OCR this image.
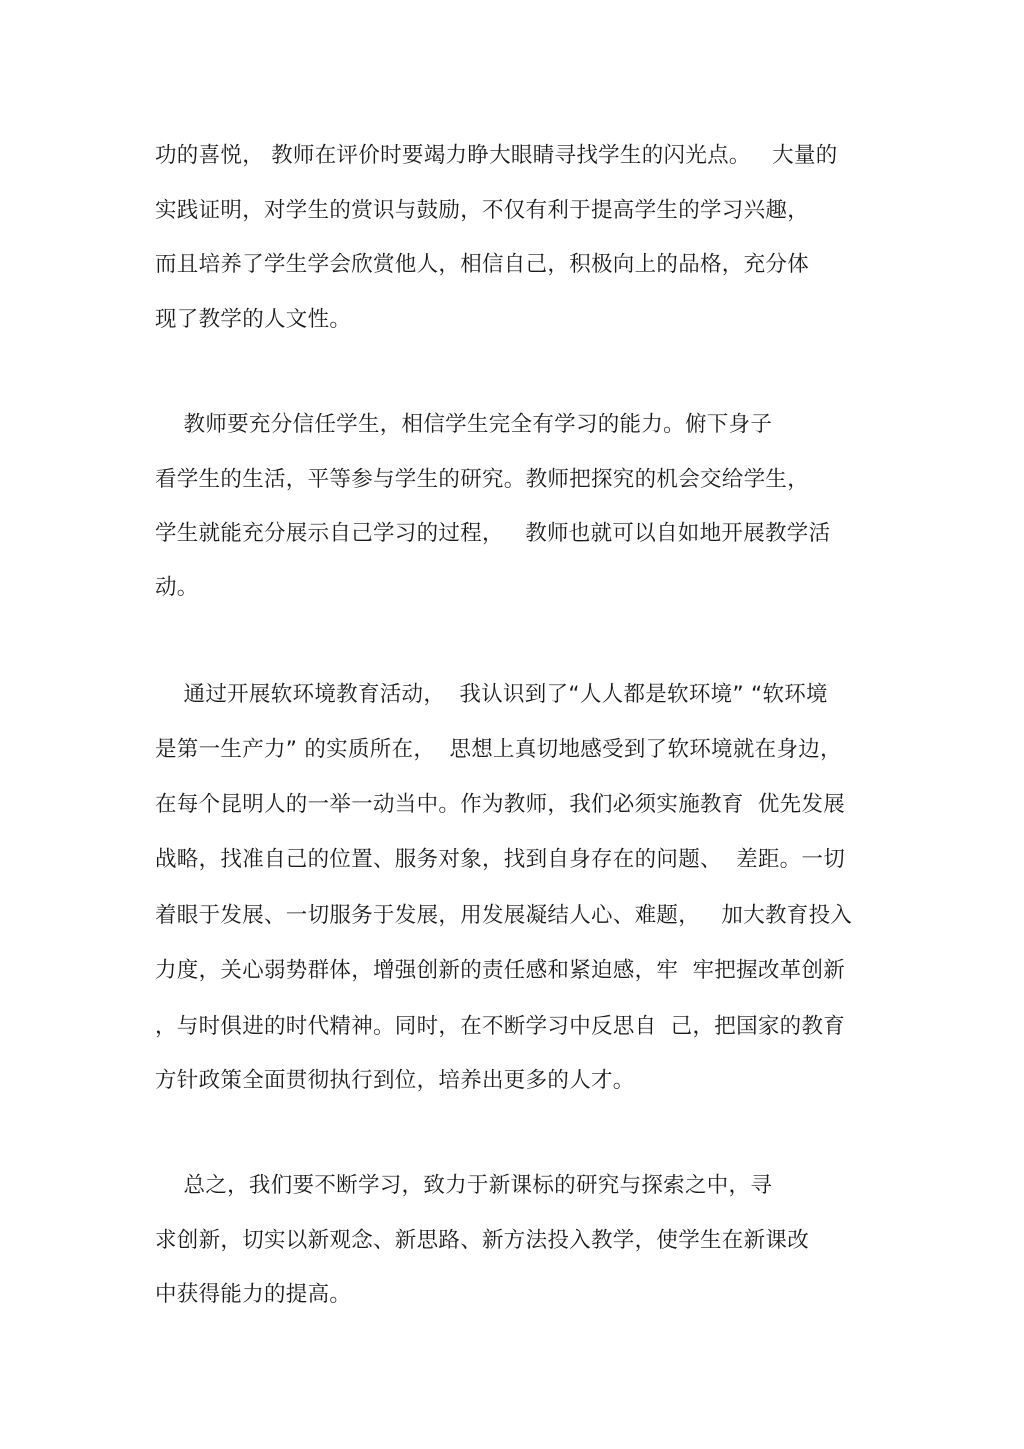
功的喜悦， 教师在评价时要竭力睁大眼睛寻找学生的闪光点。   大量的
实践证明，对学生的赏识与鼓励，不仅有利于提高学生的学习兴趣，
而且培养了学生学会欣赏他人，相信自己，积极向上的品格，充分体
现了教学的人文性。
教师要充分信任学生，相信学生完全有学习的能力。俯下身子
看学生的生活，平等参与学生的研究。教师把探究的机会交给学生，
学生就能充分展示自己学习的过程，   教师也就可以自如地开展教学活
动。
通过开展软环境教育活动，  我认识到了“人人都是软环境” “软环境
是第一生产力” 的实质所在，  思想上真切地感受到了软环境就在身边，
在每个昆明人的一举一动当中。作为教师，我们必须实施教育  优先发展
战略，找准自己的位置、服务对象，找到自身存在的问题、  差距。一切
着眼于发展、一切服务于发展，用发展凝结人心、难题，   加大教育投入
力度，关心弱势群体，增强创新的责任感和紧迫感，牢  牢把握改革创新
，与时俱进的时代精神。同时，在不断学习中反思自  己，把国家的教育
方针政策全面贯彻执行到位，培养出更多的人才。
总之，我们要不断学习，致力于新课标的研究与探索之中，寻
求创新，切实以新观念、新思路、新方法投入教学，使学生在新课改
中获得能力的提高。
